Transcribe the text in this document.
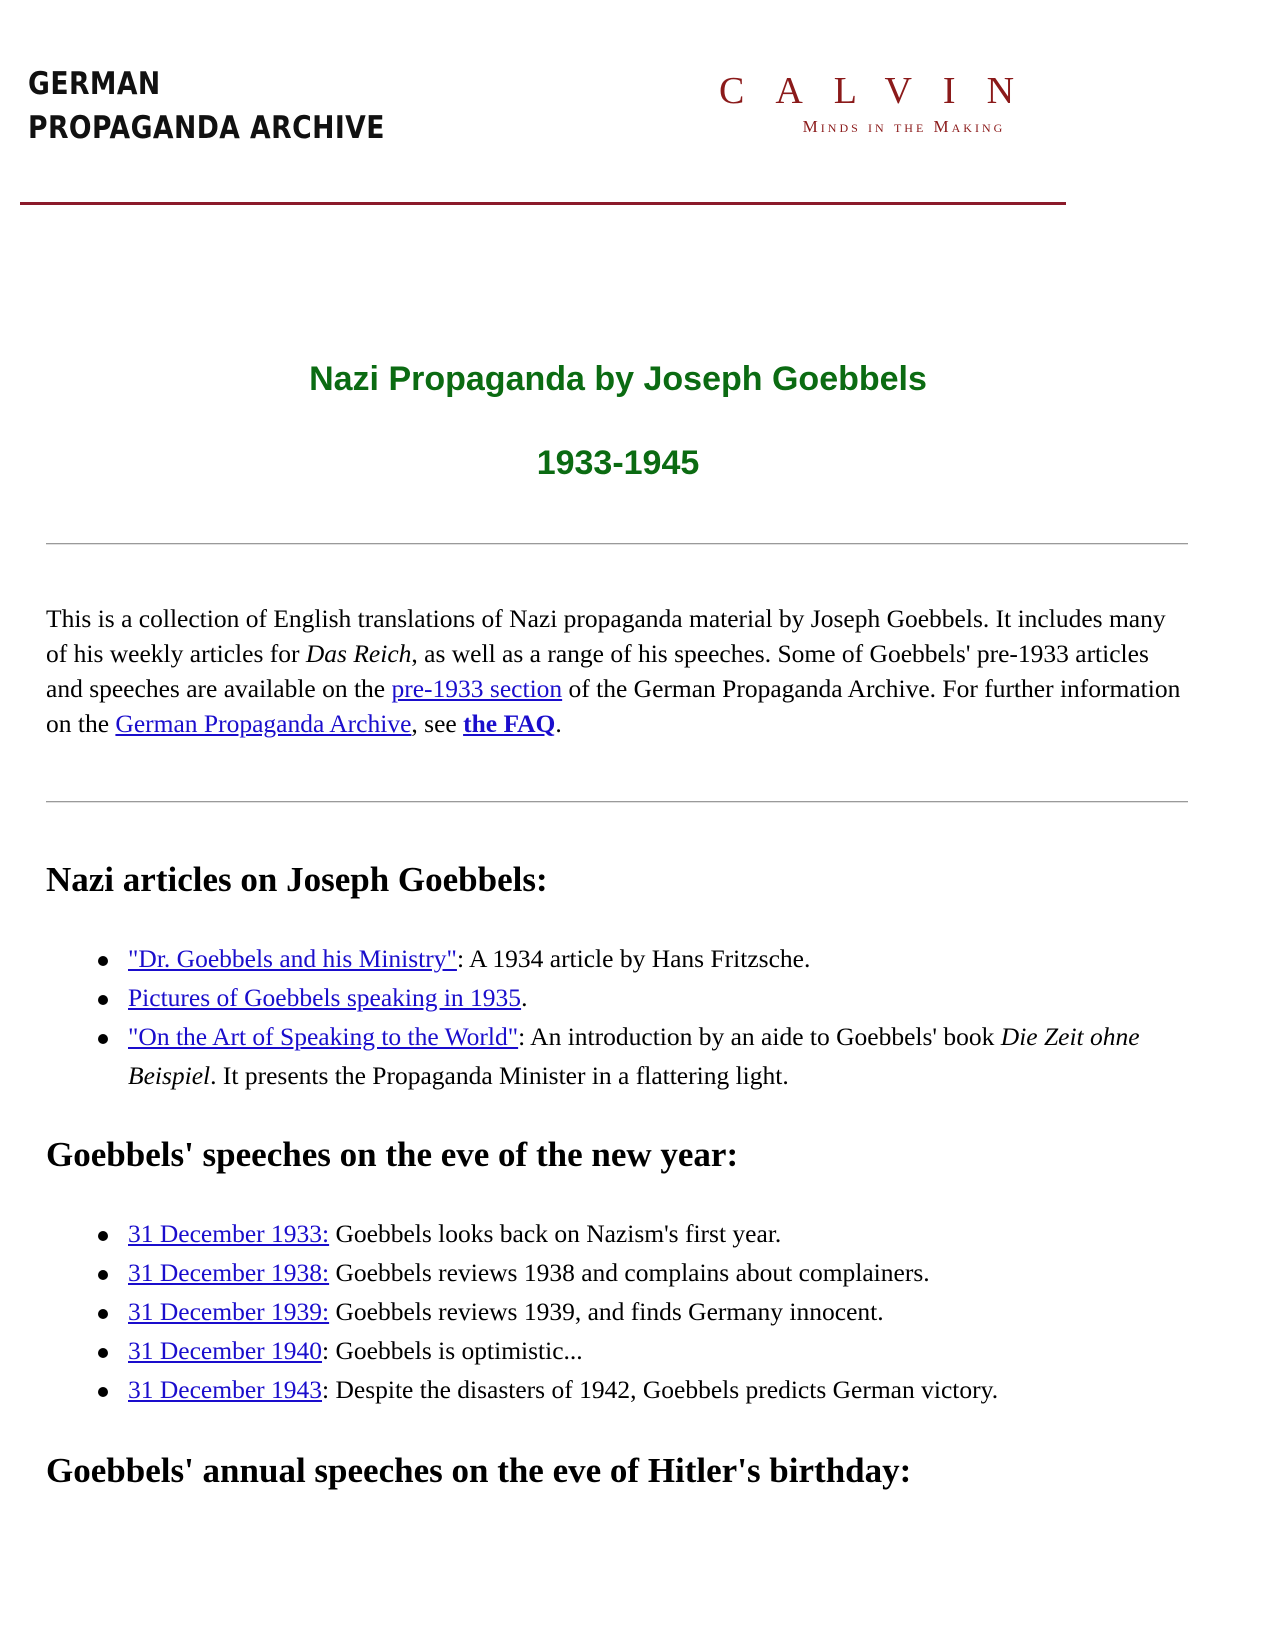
GERMAN
PROPAGANDA ARCHIVE
CALVIN
Minds in the Making
Nazi Propaganda by Joseph Goebbels
1933-1945

This is a collection of English translations of Nazi propaganda material by Joseph Goebbels. It includes many of his weekly articles for Das Reich, as well as a range of his speeches. Some of Goebbels' pre-1933 articles and speeches are available on the pre-1933 section of the German Propaganda Archive. For further information on the German Propaganda Archive, see the FAQ.

Nazi articles on Joseph Goebbels:
"Dr. Goebbels and his Ministry": A 1934 article by Hans Fritzsche.
Pictures of Goebbels speaking in 1935.
"On the Art of Speaking to the World": An introduction by an aide to Goebbels' book Die Zeit ohne Beispiel. It presents the Propaganda Minister in a flattering light.
Goebbels' speeches on the eve of the new year:
31 December 1933: Goebbels looks back on Nazism's first year.
31 December 1938: Goebbels reviews 1938 and complains about complainers.
31 December 1939: Goebbels reviews 1939, and finds Germany innocent.
31 December 1940: Goebbels is optimistic...
31 December 1943: Despite the disasters of 1942, Goebbels predicts German victory.
Goebbels' annual speeches on the eve of Hitler's birthday:
